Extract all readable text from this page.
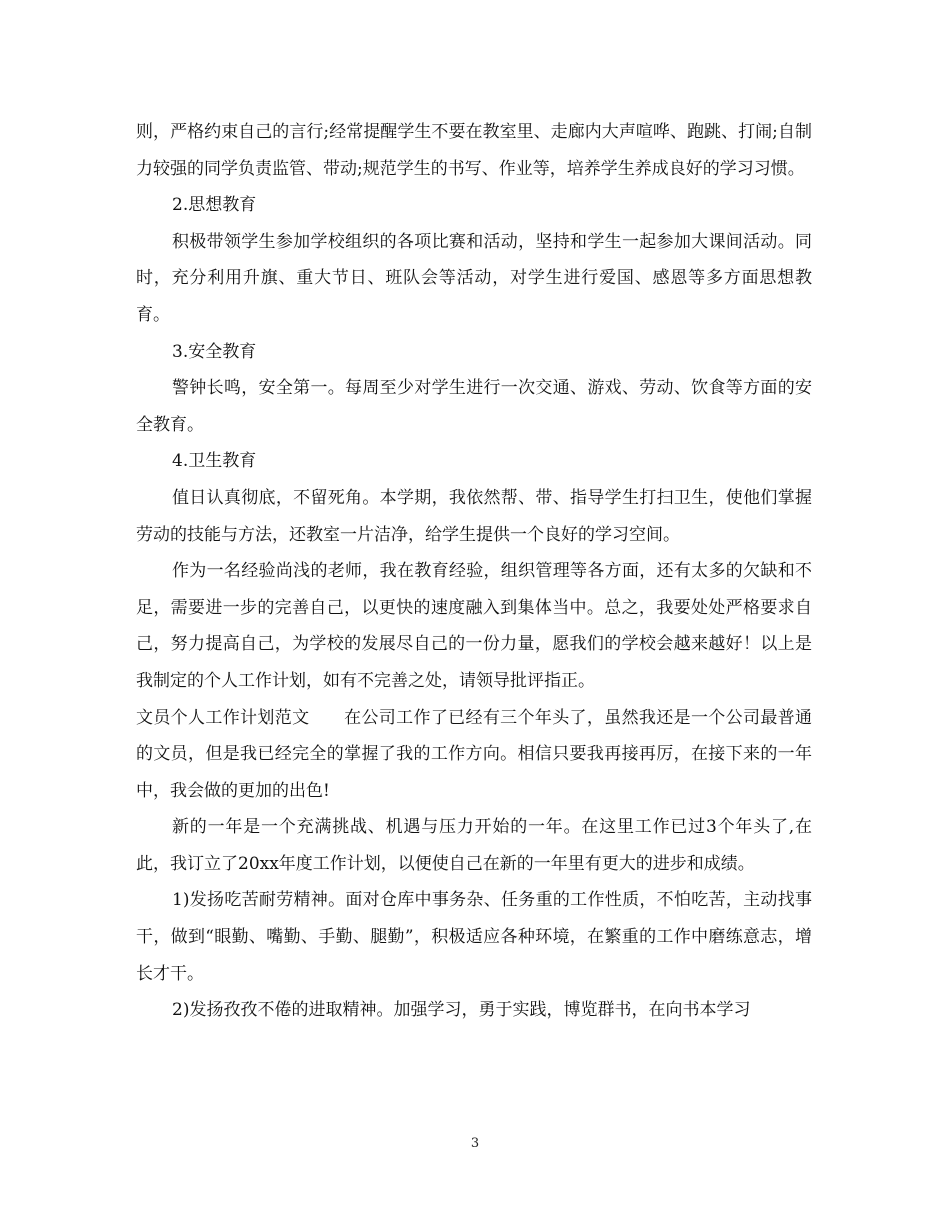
则，严格约束自己的言行;经常提醒学生不要在教室里、走廊内大声喧哗、跑跳、打闹;自制力较强的同学负责监管、带动;规范学生的书写、作业等，培养学生养成良好的学习习惯。

2.思想教育

积极带领学生参加学校组织的各项比赛和活动，坚持和学生一起参加大课间活动。同时，充分利用升旗、重大节日、班队会等活动，对学生进行爱国、感恩等多方面思想教育。

3.安全教育

警钟长鸣，安全第一。每周至少对学生进行一次交通、游戏、劳动、饮食等方面的安全教育。

4.卫生教育

值日认真彻底，不留死角。本学期，我依然帮、带、指导学生打扫卫生，使他们掌握劳动的技能与方法，还教室一片洁净，给学生提供一个良好的学习空间。

作为一名经验尚浅的老师，我在教育经验，组织管理等各方面，还有太多的欠缺和不足，需要进一步的完善自己，以更快的速度融入到集体当中。总之，我要处处严格要求自己，努力提高自己，为学校的发展尽自己的一份力量，愿我们的学校会越来越好！以上是我制定的个人工作计划，如有不完善之处，请领导批评指正。

文员个人工作计划范文　　在公司工作了已经有三个年头了，虽然我还是一个公司最普通的文员，但是我已经完全的掌握了我的工作方向。相信只要我再接再厉，在接下来的一年中，我会做的更加的出色!

新的一年是一个充满挑战、机遇与压力开始的一年。在这里工作已过3个年头了,在此，我订立了20xx年度工作计划，以便使自己在新的一年里有更大的进步和成绩。

1)发扬吃苦耐劳精神。面对仓库中事务杂、任务重的工作性质，不怕吃苦，主动找事干，做到“眼勤、嘴勤、手勤、腿勤”，积极适应各种环境，在繁重的工作中磨练意志，增长才干。

2)发扬孜孜不倦的进取精神。加强学习，勇于实践，博览群书，在向书本学习

3
